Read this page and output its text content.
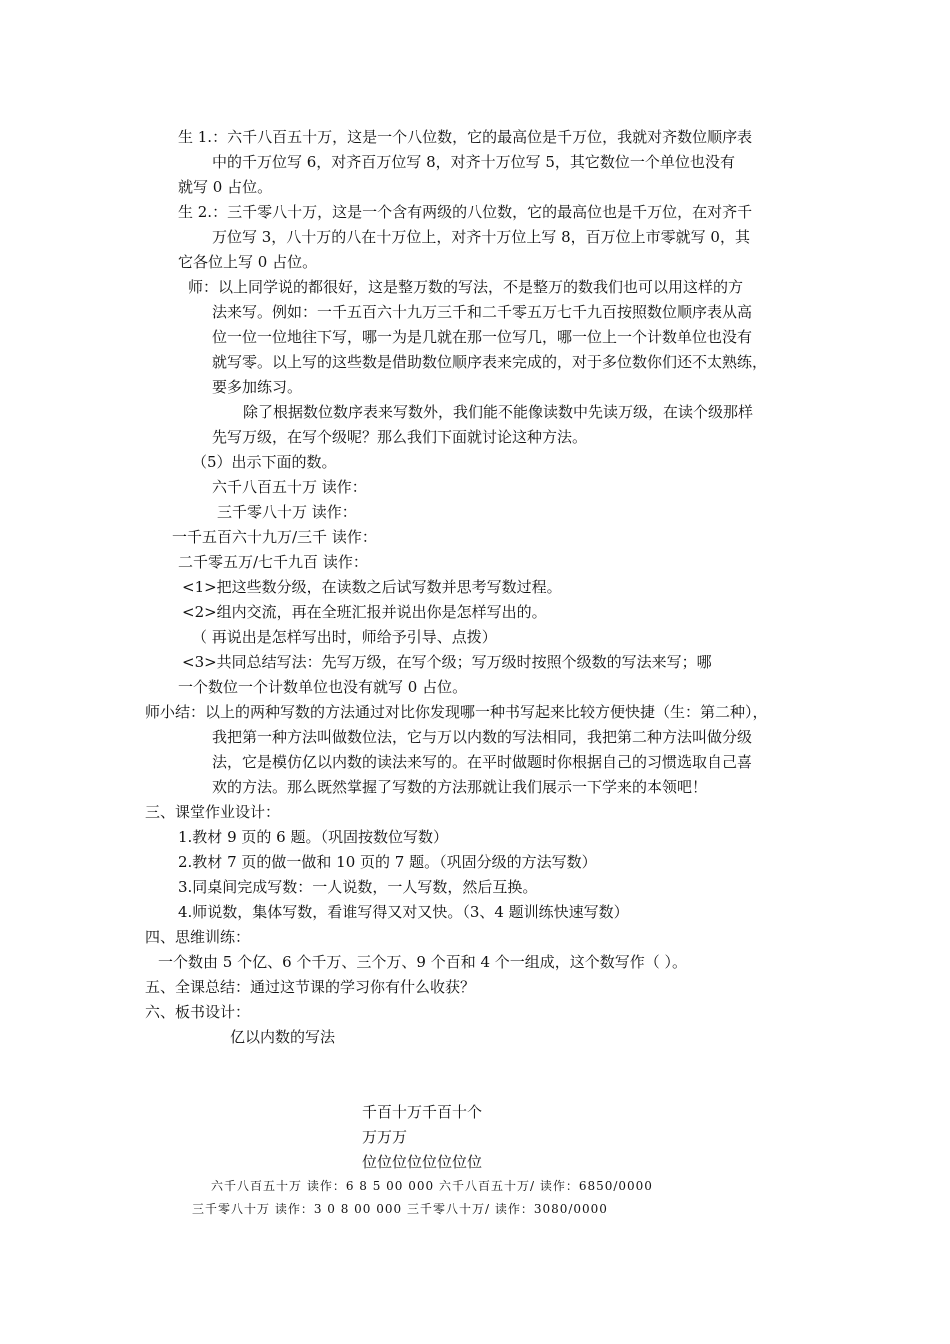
生 1.：六千八百五十万，这是一个八位数，它的最高位是千万位，我就对齐数位顺序表
中的千万位写 6，对齐百万位写 8，对齐十万位写 5，其它数位一个单位也没有
就写 0 占位。
生 2.：三千零八十万，这是一个含有两级的八位数，它的最高位也是千万位，在对齐千
万位写 3，八十万的八在十万位上，对齐十万位上写 8，百万位上市零就写 0，其
它各位上写 0 占位。
师：以上同学说的都很好，这是整万数的写法，不是整万的数我们也可以用这样的方
法来写。例如：一千五百六十九万三千和二千零五万七千九百按照数位顺序表从高
位一位一位地往下写，哪一为是几就在那一位写几，哪一位上一个计数单位也没有
就写零。以上写的这些数是借助数位顺序表来完成的，对于多位数你们还不太熟练，
要多加练习。
除了根据数位数序表来写数外，我们能不能像读数中先读万级，在读个级那样
先写万级，在写个级呢？那么我们下面就讨论这种方法。
（5）出示下面的数。
六千八百五十万 读作：
三千零八十万 读作：
一千五百六十九万/三千 读作：
二千零五万/七千九百 读作：
<1>把这些数分级，在读数之后试写数并思考写数过程。
<2>组内交流，再在全班汇报并说出你是怎样写出的。
（ 再说出是怎样写出时，师给予引导、点拨）
<3>共同总结写法：先写万级，在写个级；写万级时按照个级数的写法来写；哪
一个数位一个计数单位也没有就写 0 占位。
师小结：以上的两种写数的方法通过对比你发现哪一种书写起来比较方便快捷（生：第二种），
我把第一种方法叫做数位法，它与万以内数的写法相同，我把第二种方法叫做分级
法，它是模仿亿以内数的读法来写的。在平时做题时你根据自己的习惯选取自己喜
欢的方法。那么既然掌握了写数的方法那就让我们展示一下学来的本领吧！
三、课堂作业设计：
1.教材 9 页的 6 题。（巩固按数位写数）
2.教材 7 页的做一做和 10 页的 7 题。（巩固分级的方法写数）
3.同桌间完成写数：一人说数，一人写数，然后互换。
4.师说数，集体写数，看谁写得又对又快。（3、4 题训练快速写数）
四、思维训练：
一个数由 5 个亿、6 个千万、三个万、9 个百和 4 个一组成，这个数写作（ ）。
五、全课总结：通过这节课的学习你有什么收获？
六、板书设计：
亿以内数的写法
千百十万千百十个
万万万
位位位位位位位位
六千八百五十万 读作：6 8 5 00 000 六千八百五十万/ 读作：6850/0000
三千零八十万 读作：3 0 8 00 000 三千零八十万/ 读作：3080/0000
